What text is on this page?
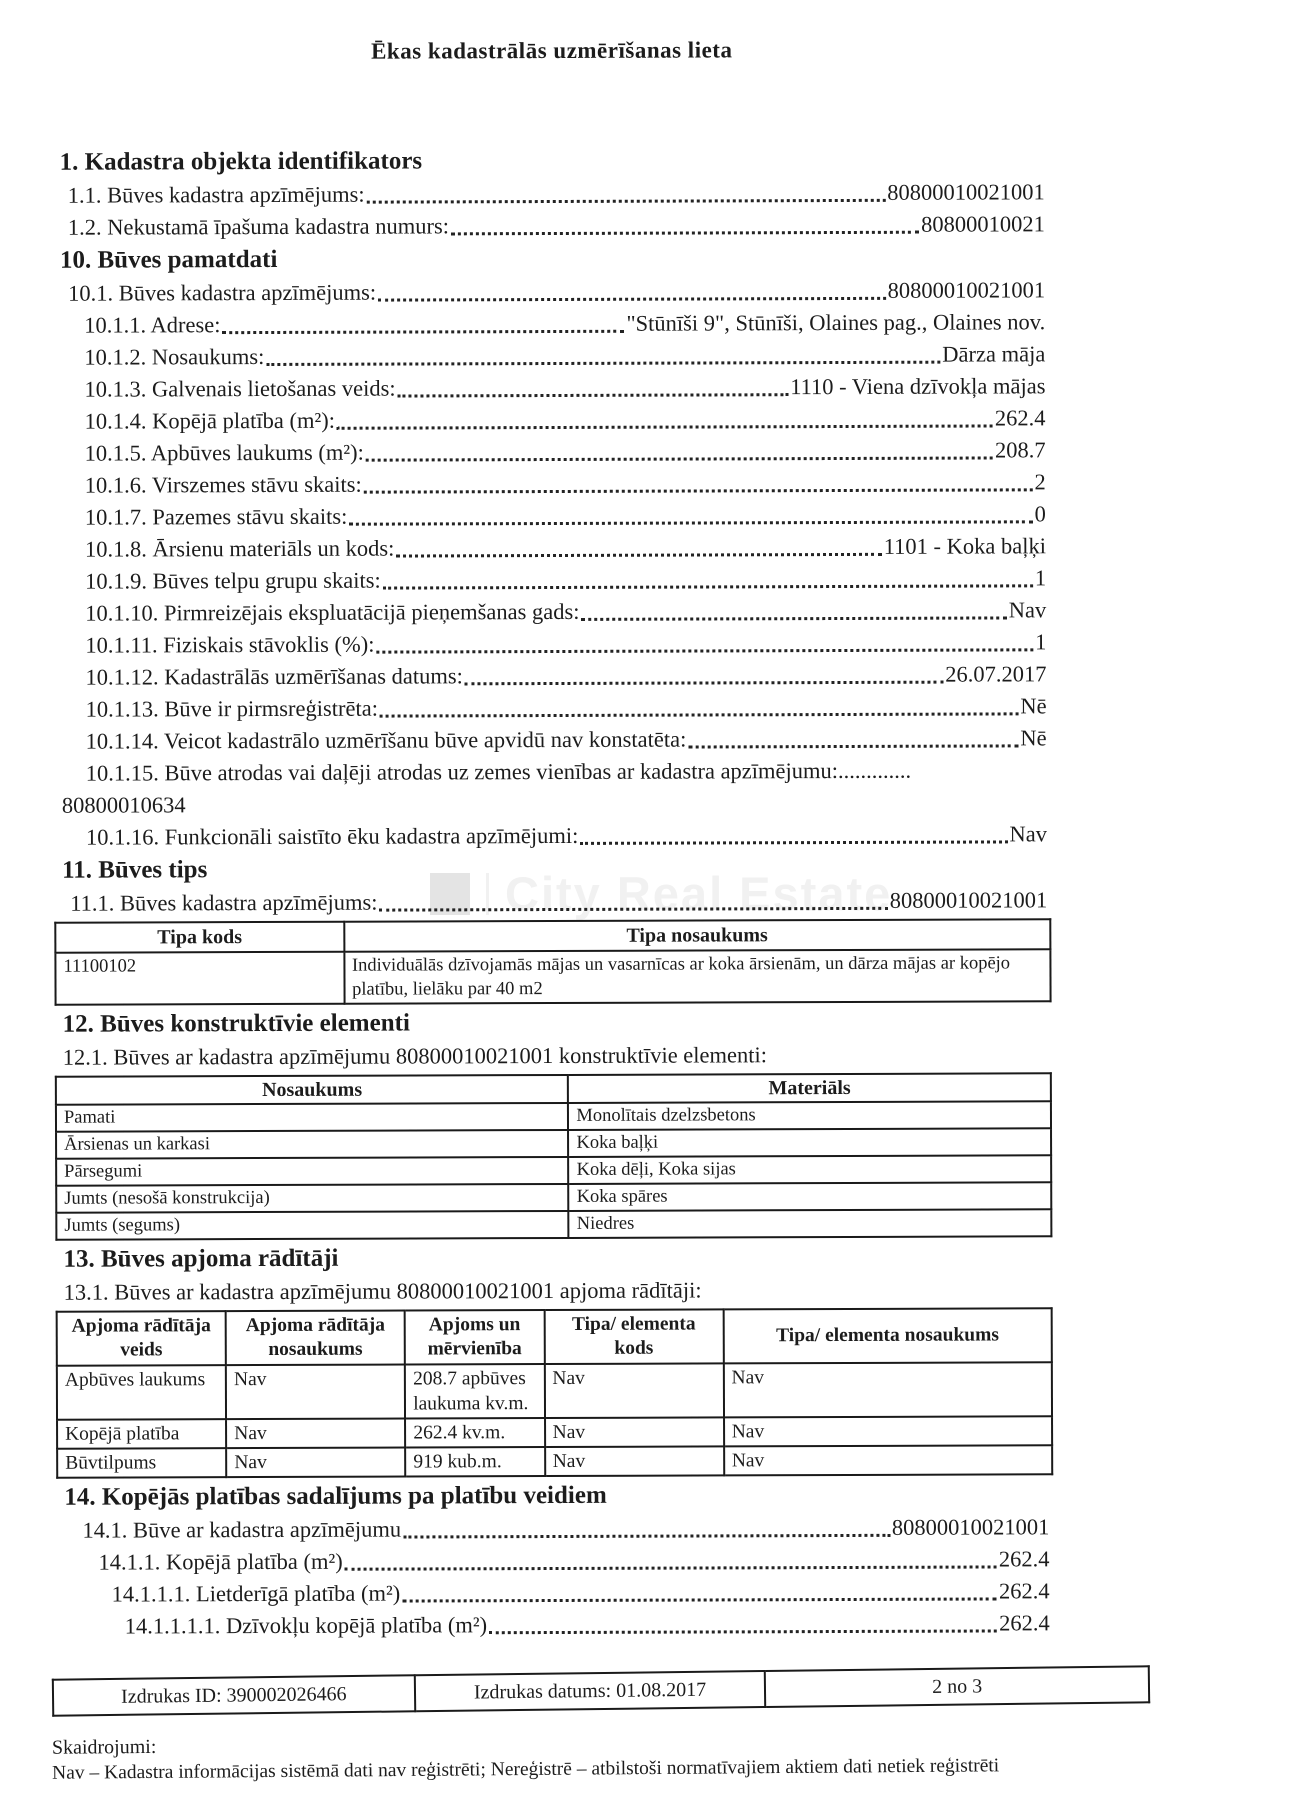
City Real Estate
Ēkas kadastrālās uzmērīšanas lieta
1. Kadastra objekta identifikators
1.1. Būves kadastra apzīmējums:	80800010021001
1.2. Nekustamā īpašuma kadastra numurs:	80800010021
10. Būves pamatdati
10.1. Būves kadastra apzīmējums:	80800010021001
10.1.1. Adrese:	"Stūnīši 9", Stūnīši, Olaines pag., Olaines nov.
10.1.2. Nosaukums:	Dārza māja
10.1.3. Galvenais lietošanas veids:	1110 - Viena dzīvokļa mājas
10.1.4. Kopējā platība (m²):	262.4
10.1.5. Apbūves laukums (m²):	208.7
10.1.6. Virszemes stāvu skaits:	2
10.1.7. Pazemes stāvu skaits:	0
10.1.8. Ārsienu materiāls un kods:	1101 - Koka baļķi
10.1.9. Būves telpu grupu skaits:	1
10.1.10. Pirmreizējais ekspluatācijā pieņemšanas gads:	Nav
10.1.11. Fiziskais stāvoklis (%):	1
10.1.12. Kadastrālās uzmērīšanas datums:	26.07.2017
10.1.13. Būve ir pirmsreģistrēta:	Nē
10.1.14. Veicot kadastrālo uzmērīšanu būve apvidū nav konstatēta:	Nē
10.1.15. Būve atrodas vai daļēji atrodas uz zemes vienības ar kadastra apzīmējumu:.............
80800010634
10.1.16. Funkcionāli saistīto ēku kadastra apzīmējumi:	Nav
11. Būves tips
11.1. Būves kadastra apzīmējums:	80800010021001
Tipa kods	Tipa nosaukums
11100102	Individuālās dzīvojamās mājas un vasarnīcas ar koka ārsienām, un dārza mājas ar kopējo platību, lielāku par 40 m2
12. Būves konstruktīvie elementi
12.1. Būves ar kadastra apzīmējumu 80800010021001 konstruktīvie elementi:
Nosaukums	Materiāls
Pamati	Monolītais dzelzsbetons
Ārsienas un karkasi	Koka baļķi
Pārsegumi	Koka dēļi, Koka sijas
Jumts (nesošā konstrukcija)	Koka spāres
Jumts (segums)	Niedres
13. Būves apjoma rādītāji
13.1. Būves ar kadastra apzīmējumu 80800010021001 apjoma rādītāji:
Apjoma rādītāja veids	Apjoma rādītāja nosaukums	Apjoms un mērvienība	Tipa/ elementa kods	Tipa/ elementa nosaukums
Apbūves laukums	Nav	208.7 apbūves laukuma kv.m.	Nav	Nav
Kopējā platība	Nav	262.4 kv.m.	Nav	Nav
Būvtilpums	Nav	919 kub.m.	Nav	Nav
14. Kopējās platības sadalījums pa platību veidiem
14.1. Būve ar kadastra apzīmējumu	80800010021001
14.1.1. Kopējā platība (m²)	262.4
14.1.1.1. Lietderīgā platība (m²)	262.4
14.1.1.1.1. Dzīvokļu kopējā platība (m²)	262.4
Izdrukas ID: 390002026466	Izdrukas datums: 01.08.2017	2 no 3
Skaidrojumi:
Nav – Kadastra informācijas sistēmā dati nav reģistrēti; Nereģistrē – atbilstoši normatīvajiem aktiem dati netiek reģistrēti
